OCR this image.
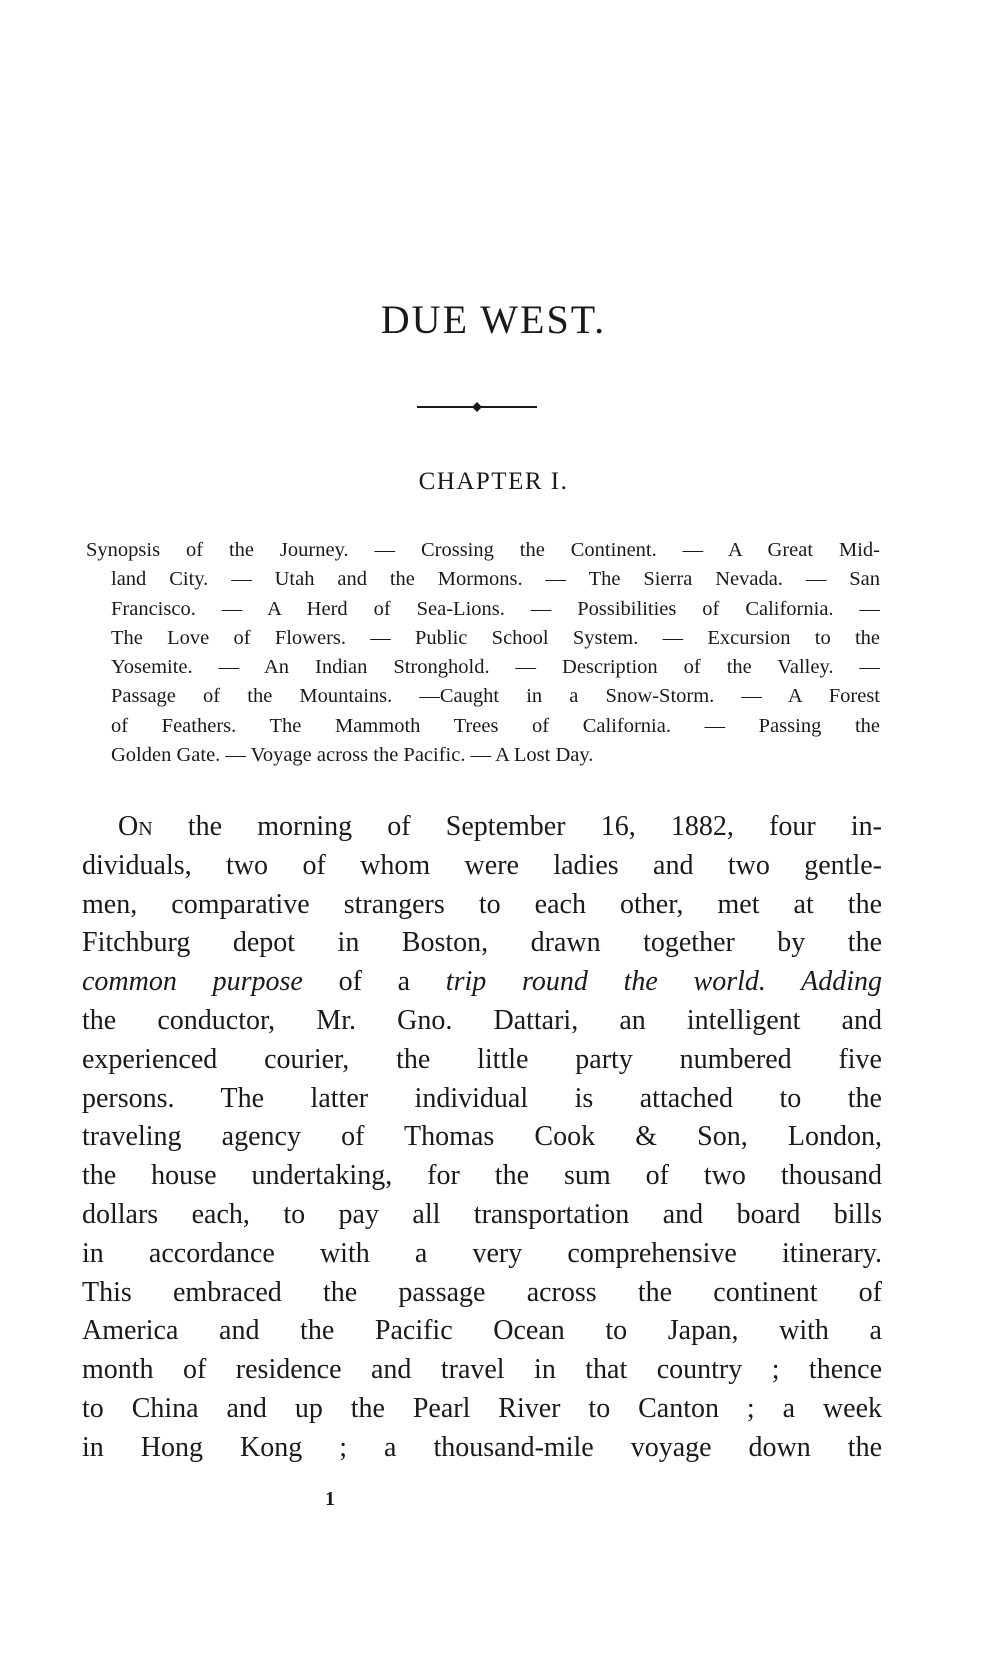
DUE WEST.
CHAPTER I.
Synopsis of the Journey. — Crossing the Continent. — A Great Mid-
land City. — Utah and the Mormons. — The Sierra Nevada. — San
Francisco. — A Herd of Sea-Lions. — Possibilities of California. —
The Love of Flowers. — Public School System. — Excursion to the
Yosemite. — An Indian Stronghold. — Description of the Valley. —
Passage of the Mountains. —Caught in a Snow-Storm. — A Forest
of Feathers. The Mammoth Trees of California. — Passing the
Golden Gate. — Voyage across the Pacific. — A Lost Day.
On the morning of September 16, 1882, four in-
dividuals, two of whom were ladies and two gentle-
men, comparative strangers to each other, met at the
Fitchburg depot in Boston, drawn together by the
common purpose of a trip round the world. Adding
the conductor, Mr. Gno. Dattari, an intelligent and
experienced courier, the little party numbered five
persons. The latter individual is attached to the
traveling agency of Thomas Cook & Son, London,
the house undertaking, for the sum of two thousand
dollars each, to pay all transportation and board bills
in accordance with a very comprehensive itinerary.
This embraced the passage across the continent of
America and the Pacific Ocean to Japan, with a
month of residence and travel in that country ; thence
to China and up the Pearl River to Canton ; a week
in Hong Kong ; a thousand-mile voyage down the
1
